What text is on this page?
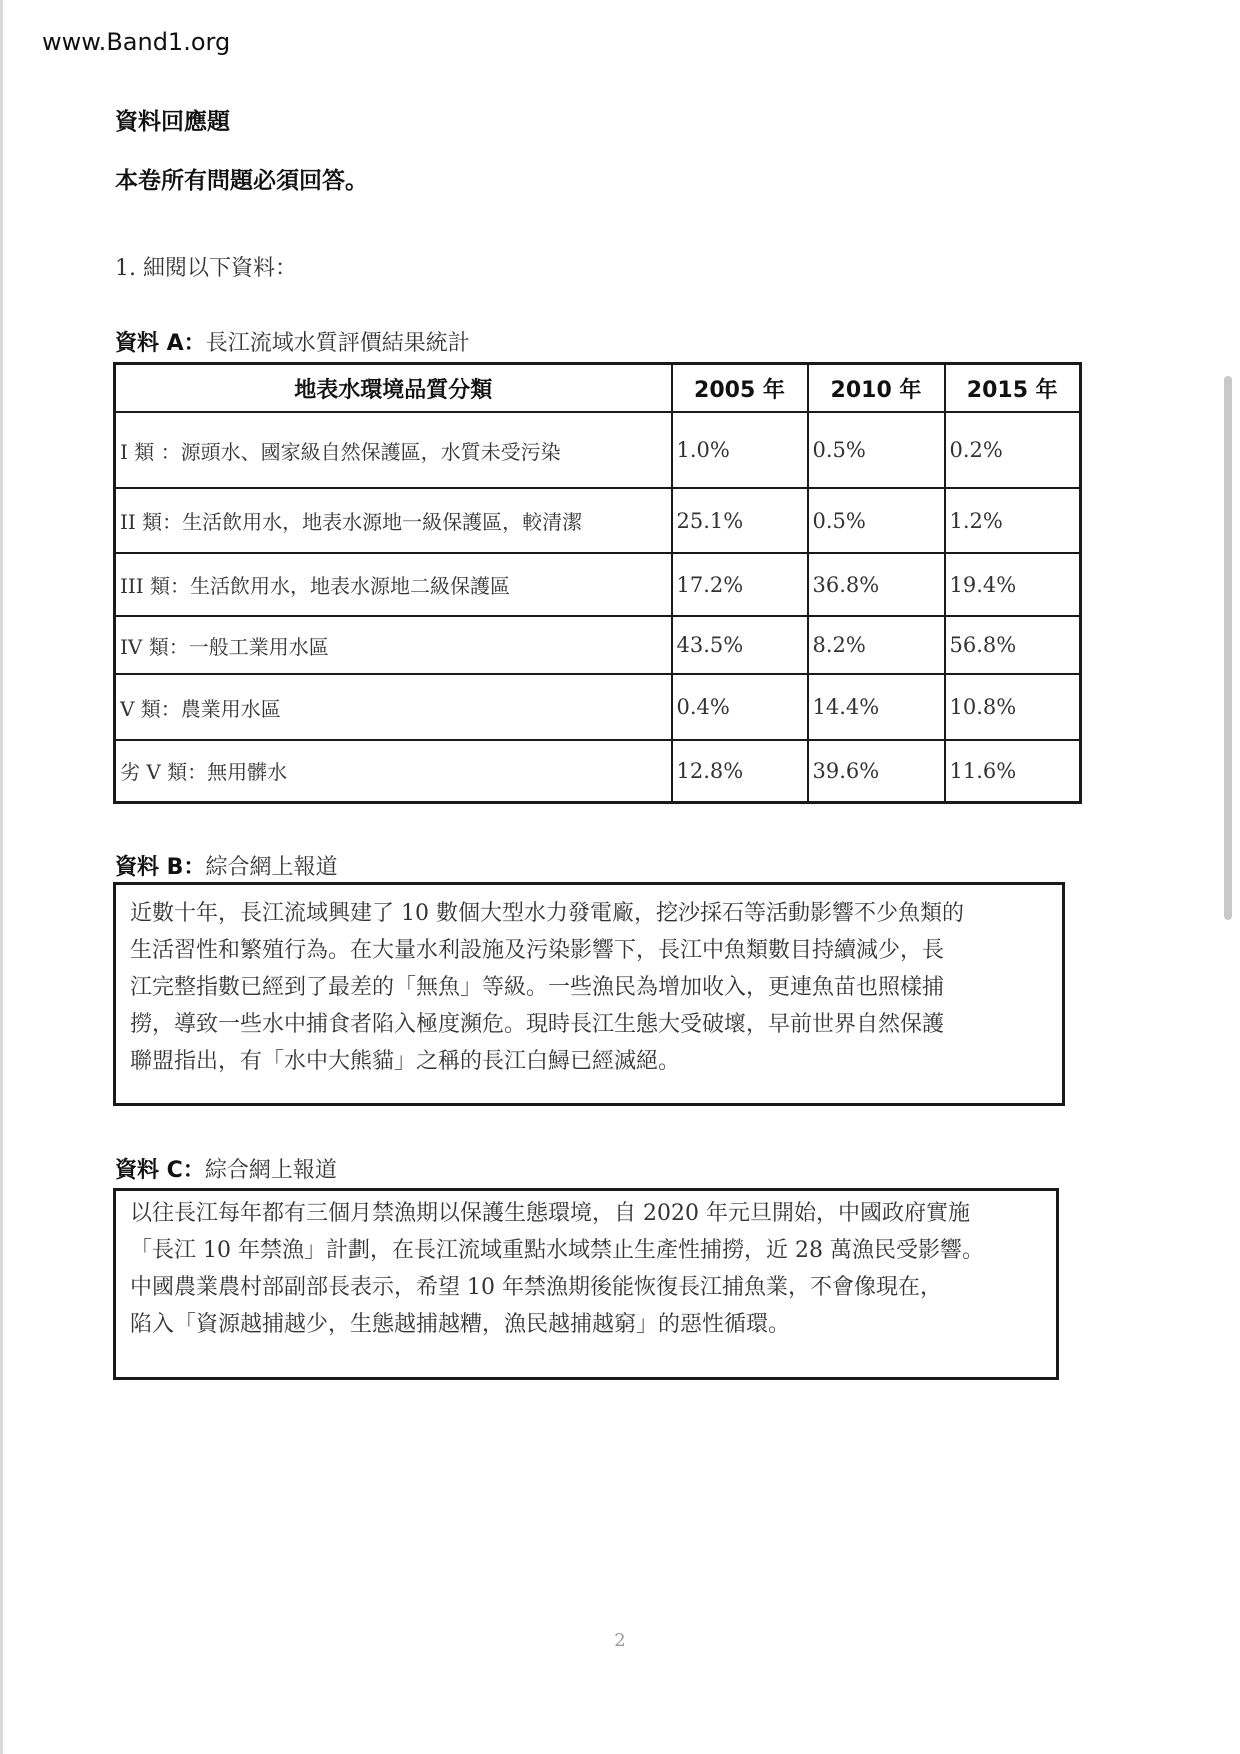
www.Band1.org
資料回應題
本卷所有問題必須回答。
1. 細閱以下資料：
資料 A：長江流域水質評價結果統計
地表水環境品質分類	2005 年	2010 年	2015 年
I 類 ：源頭水、國家級自然保護區，水質未受污染	1.0%	0.5%	0.2%
II 類：生活飲用水，地表水源地一級保護區，較清潔	25.1%	0.5%	1.2%
III 類：生活飲用水，地表水源地二級保護區	17.2%	36.8%	19.4%
IV 類：一般工業用水區	43.5%	8.2%	56.8%
V 類：農業用水區	0.4%	14.4%	10.8%
劣 V 類：無用髒水	12.8%	39.6%	11.6%
資料 B：綜合網上報道
近數十年，長江流域興建了 10 數個大型水力發電廠，挖沙採石等活動影響不少魚類的
生活習性和繁殖行為。在大量水利設施及污染影響下，長江中魚類數目持續減少，長
江完整指數已經到了最差的「無魚」等級。一些漁民為增加收入，更連魚苗也照樣捕
撈，導致一些水中捕食者陷入極度瀕危。現時長江生態大受破壞，早前世界自然保護
聯盟指出，有「水中大熊貓」之稱的長江白鱘已經滅絕。
資料 C：綜合網上報道
以往長江每年都有三個月禁漁期以保護生態環境，自 2020 年元旦開始，中國政府實施
「長江 10 年禁漁」計劃，在長江流域重點水域禁止生產性捕撈，近 28 萬漁民受影響。
中國農業農村部副部長表示，希望 10 年禁漁期後能恢復長江捕魚業，不會像現在，
陷入「資源越捕越少，生態越捕越糟，漁民越捕越窮」的惡性循環。
2
